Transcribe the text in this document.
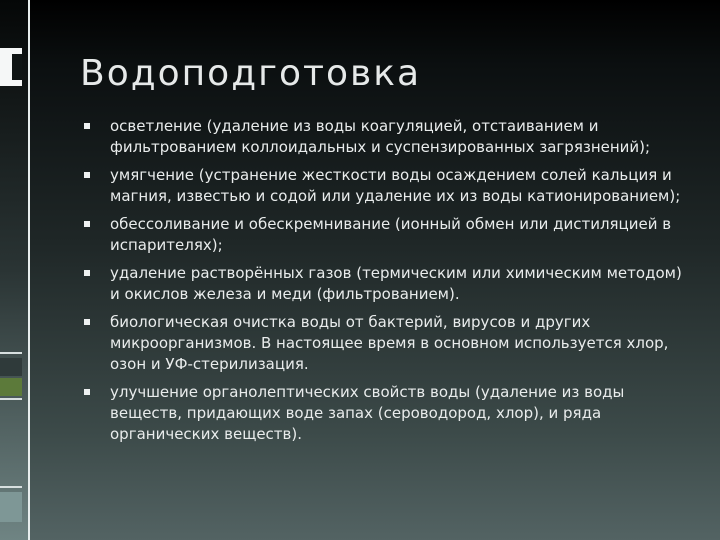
Водоподготовка
осветление (удаление из воды коагуляцией, отстаиванием и фильтрованием коллоидальных и суспензированных загрязнений);
умягчение (устранение жесткости воды осаждением солей кальция и магния, известью и содой или удаление их из воды катионированием);
обессоливание и обескремнивание (ионный обмен или дистиляцией в испарителях);
удаление растворённых газов (термическим или химическим методом) и окислов железа и меди (фильтрованием).
биологическая очистка воды от бактерий, вирусов и других микроорганизмов. В настоящее время в основном используется хлор, озон и УФ-стерилизация.
улучшение органолептических свойств воды (удаление из воды веществ, придающих воде запах (сероводород, хлор), и ряда органических веществ).
